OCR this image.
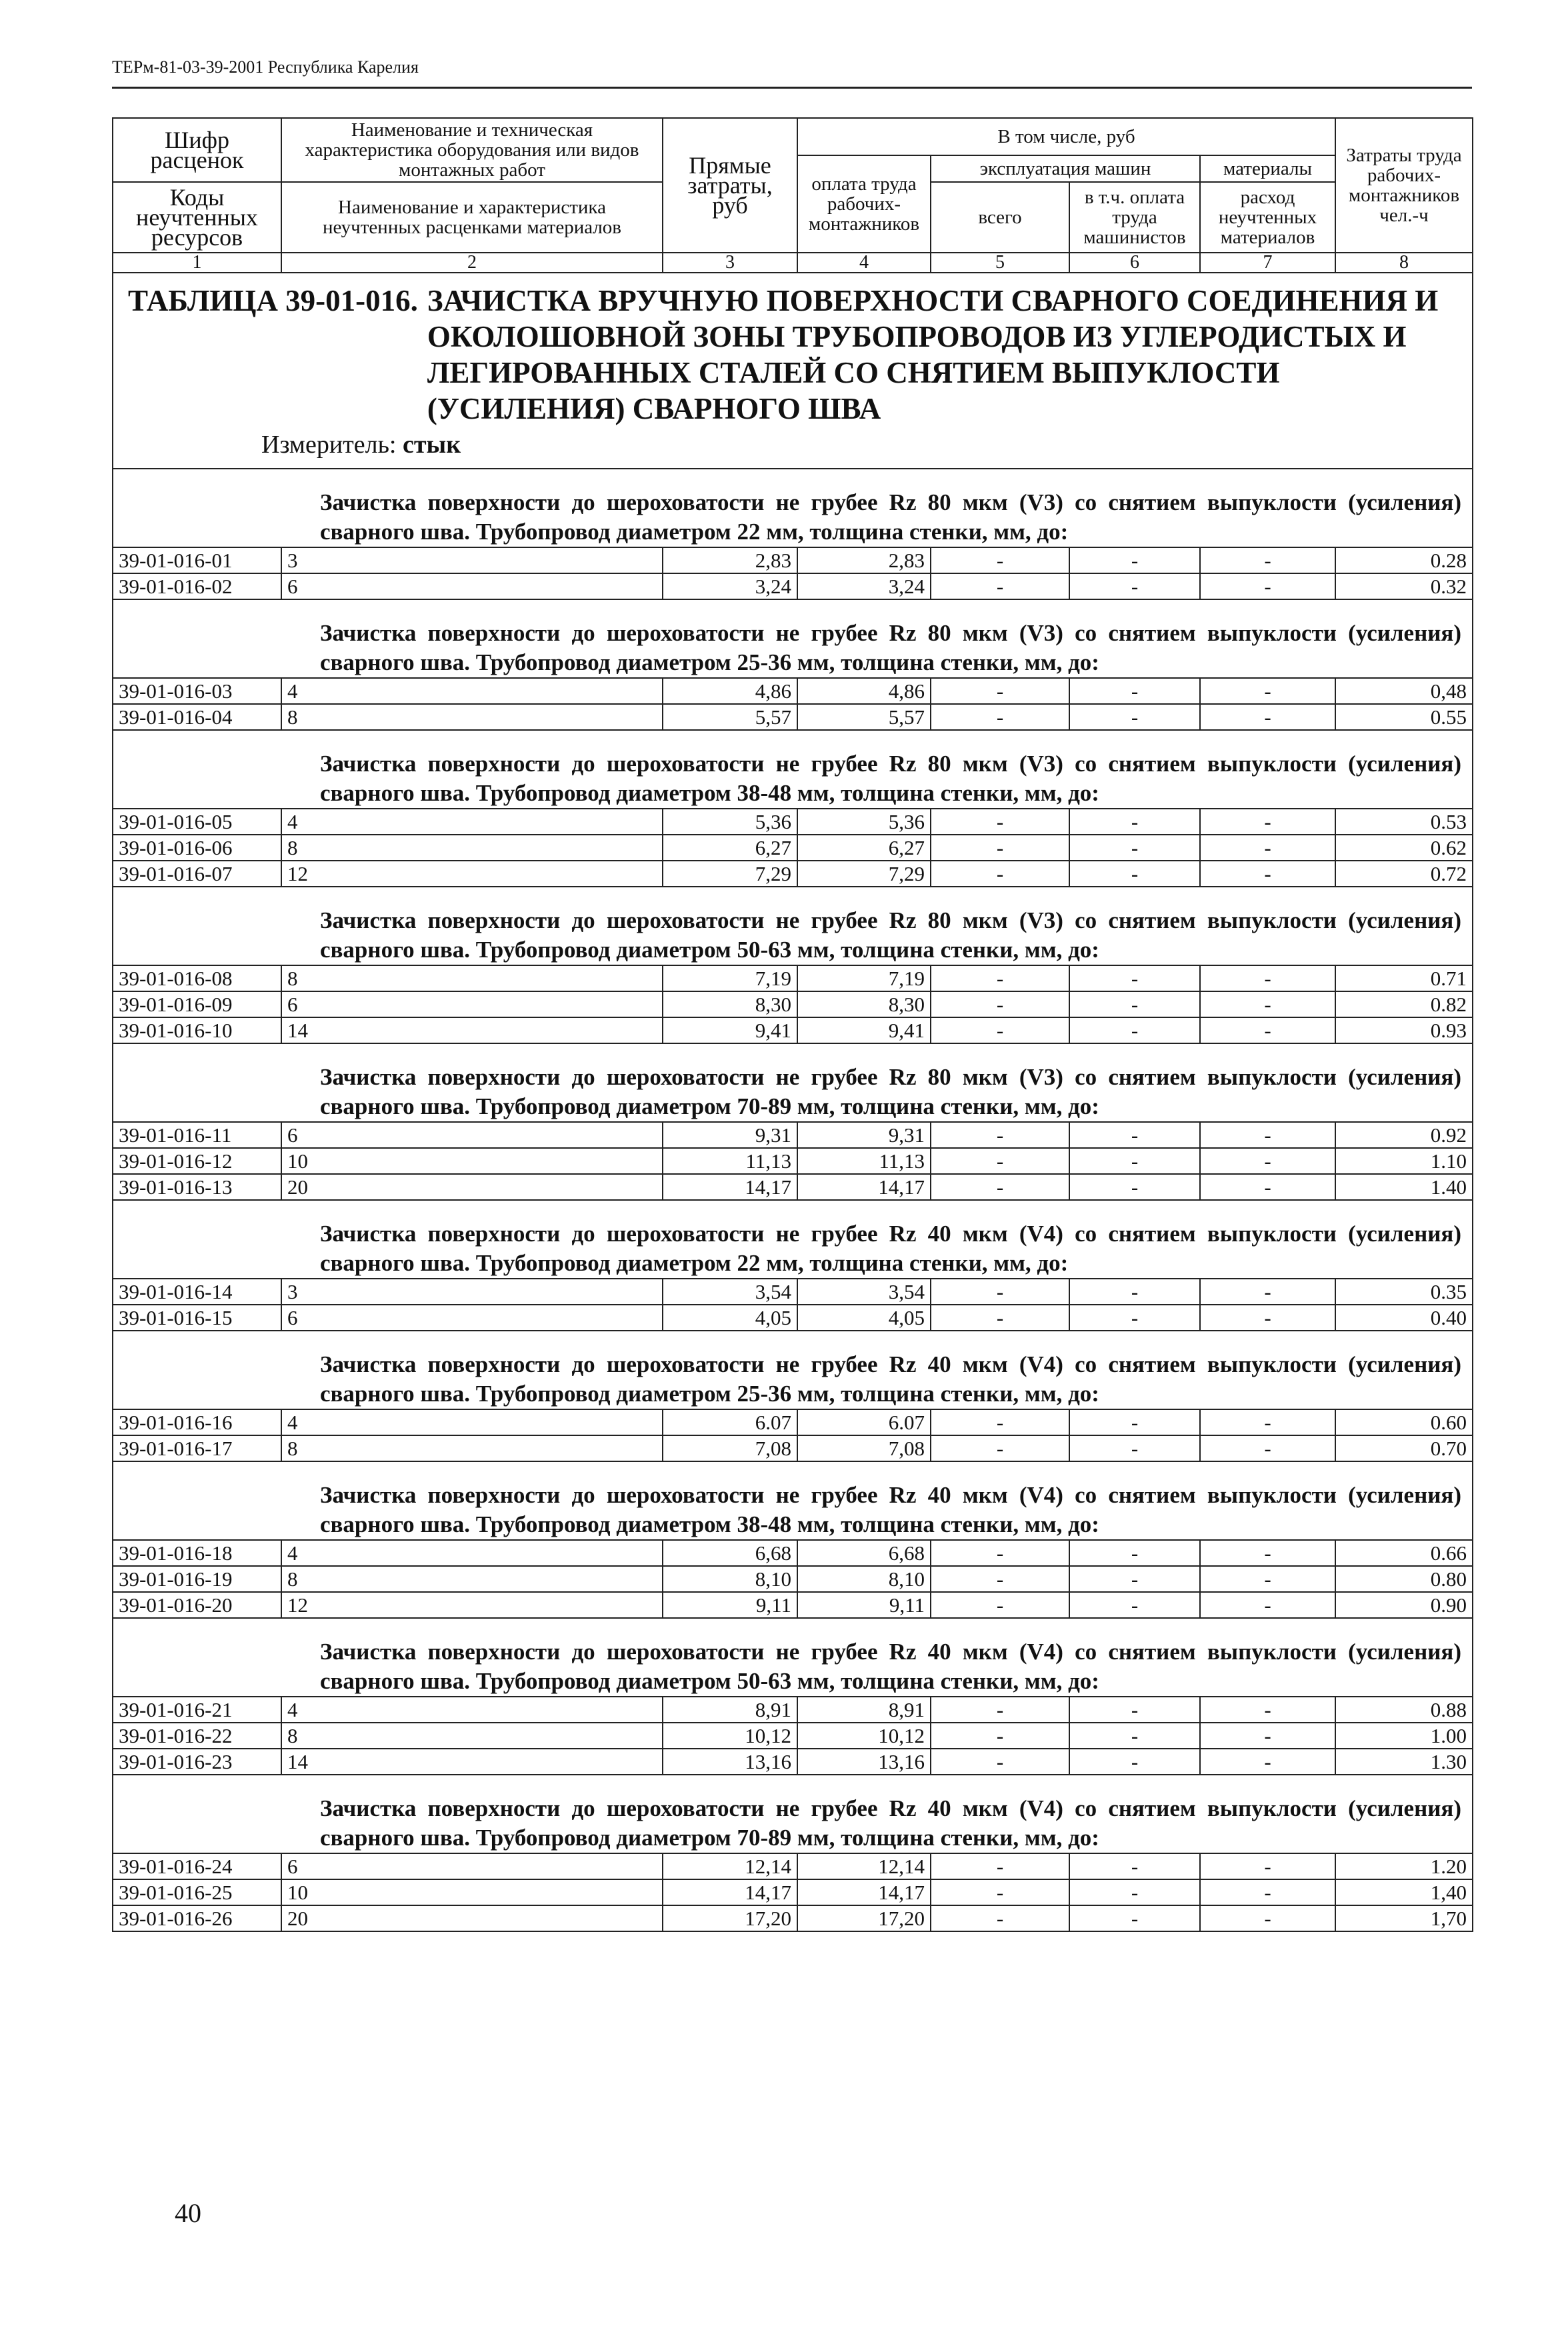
ТЕРм-81-03-39-2001 Республика Карелия
Шифр расценок	Наименование и техническая характеристика оборудования или видов монтажных работ	Прямые затраты, руб	В том числе, руб				Затраты труда рабочих-монтажников чел.-ч
			оплата труда рабочих-монтажников	эксплуатация машин		материалы	
Коды неучтенных ресурсов	Наименование и характеристика неучтенных расценками материалов			всего	в т.ч. оплата труда машинистов	расход неучтенных материалов	

1	2	3	4	5	6	7	8

ТАБЛИЦА 39-01-016. ЗАЧИСТКА ВРУЧНУЮ ПОВЕРХНОСТИ СВАРНОГО СОЕДИНЕНИЯ И ОКОЛОШОВНОЙ ЗОНЫ ТРУБОПРОВОДОВ ИЗ УГЛЕРОДИСТЫХ И ЛЕГИРОВАННЫХ СТАЛЕЙ СО СНЯТИЕМ ВЫПУКЛОСТИ (УСИЛЕНИЯ) СВАРНОГО ШВА
Измеритель: стык							

Зачистка поверхности до шероховатости не грубее Rz 80 мкм (V3) со снятием выпуклости (усиления) сварного шва. Трубопровод диаметром 22 мм, толщина стенки, мм, до:							
39-01-016-01	3	2,83	2,83	-	-	-	0.28
39-01-016-02	6	3,24	3,24	-	-	-	0.32
Зачистка поверхности до шероховатости не грубее Rz 80 мкм (V3) со снятием выпуклости (усиления) сварного шва. Трубопровод диаметром 25-36 мм, толщина стенки, мм, до:							
39-01-016-03	4	4,86	4,86	-	-	-	0,48
39-01-016-04	8	5,57	5,57	-	-	-	0.55
Зачистка поверхности до шероховатости не грубее Rz 80 мкм (V3) со снятием выпуклости (усиления) сварного шва. Трубопровод диаметром 38-48 мм, толщина стенки, мм, до:							
39-01-016-05	4	5,36	5,36	-	-	-	0.53
39-01-016-06	8	6,27	6,27	-	-	-	0.62
39-01-016-07	12	7,29	7,29	-	-	-	0.72
Зачистка поверхности до шероховатости не грубее Rz 80 мкм (V3) со снятием выпуклости (усиления) сварного шва. Трубопровод диаметром 50-63 мм, толщина стенки, мм, до:							
39-01-016-08	8	7,19	7,19	-	-	-	0.71
39-01-016-09	6	8,30	8,30	-	-	-	0.82
39-01-016-10	14	9,41	9,41	-	-	-	0.93
Зачистка поверхности до шероховатости не грубее Rz 80 мкм (V3) со снятием выпуклости (усиления) сварного шва. Трубопровод диаметром 70-89 мм, толщина стенки, мм, до:							
39-01-016-11	6	9,31	9,31	-	-	-	0.92
39-01-016-12	10	11,13	11,13	-	-	-	1.10
39-01-016-13	20	14,17	14,17	-	-	-	1.40
Зачистка поверхности до шероховатости не грубее Rz 40 мкм (V4) со снятием выпуклости (усиления) сварного шва. Трубопровод диаметром 22 мм, толщина стенки, мм, до:							
39-01-016-14	3	3,54	3,54	-	-	-	0.35
39-01-016-15	6	4,05	4,05	-	-	-	0.40
Зачистка поверхности до шероховатости не грубее Rz 40 мкм (V4) со снятием выпуклости (усиления) сварного шва. Трубопровод диаметром 25-36 мм, толщина стенки, мм, до:							
39-01-016-16	4	6.07	6.07	-	-	-	0.60
39-01-016-17	8	7,08	7,08	-	-	-	0.70
Зачистка поверхности до шероховатости не грубее Rz 40 мкм (V4) со снятием выпуклости (усиления) сварного шва. Трубопровод диаметром 38-48 мм, толщина стенки, мм, до:							
39-01-016-18	4	6,68	6,68	-	-	-	0.66
39-01-016-19	8	8,10	8,10	-	-	-	0.80
39-01-016-20	12	9,11	9,11	-	-	-	0.90
Зачистка поверхности до шероховатости не грубее Rz 40 мкм (V4) со снятием выпуклости (усиления) сварного шва. Трубопровод диаметром 50-63 мм, толщина стенки, мм, до:							
39-01-016-21	4	8,91	8,91	-	-	-	0.88
39-01-016-22	8	10,12	10,12	-	-	-	1.00
39-01-016-23	14	13,16	13,16	-	-	-	1.30
Зачистка поверхности до шероховатости не грубее Rz 40 мкм (V4) со снятием выпуклости (усиления) сварного шва. Трубопровод диаметром 70-89 мм, толщина стенки, мм, до:							
39-01-016-24	6	12,14	12,14	-	-	-	1.20
39-01-016-25	10	14,17	14,17	-	-	-	1,40
39-01-016-26	20	17,20	17,20	-	-	-	1,70
40
